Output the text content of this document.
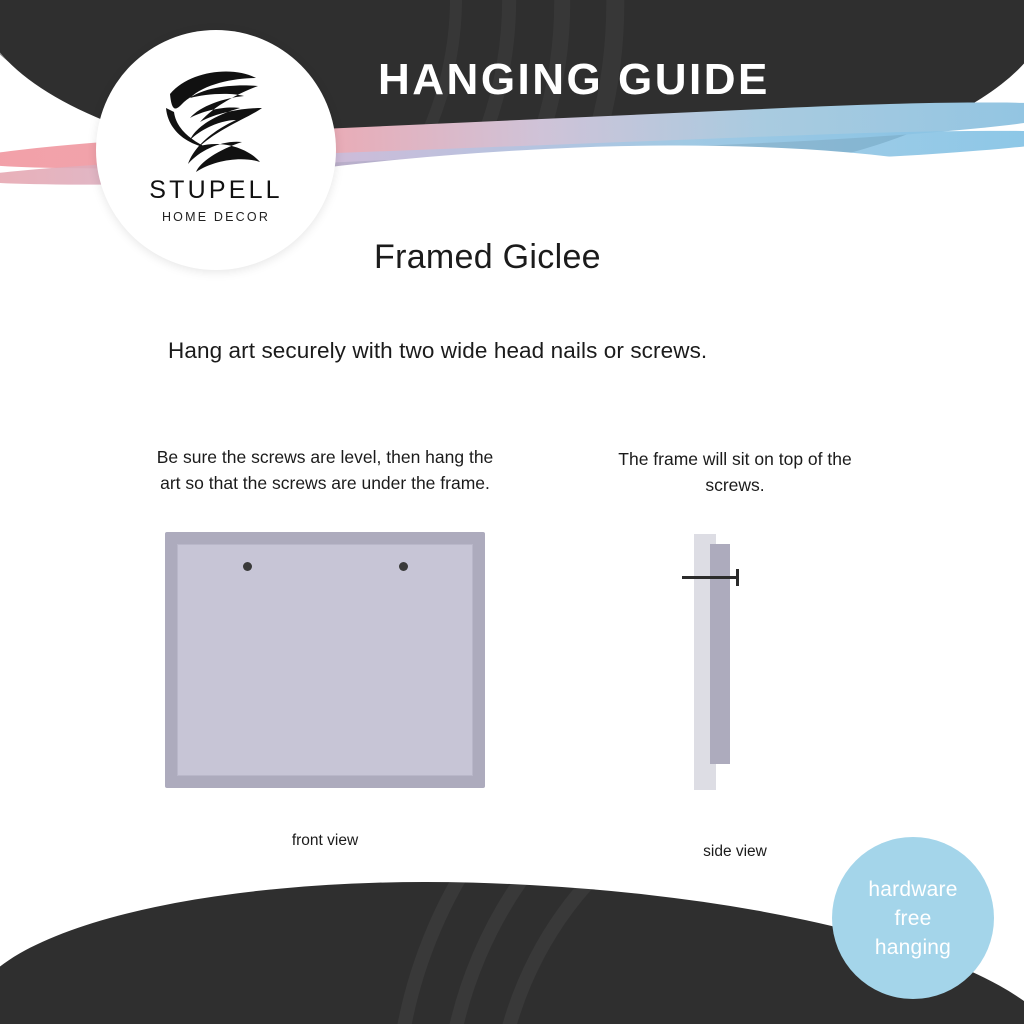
STUPELL
HOME DECOR
HANGING GUIDE
Framed Giclee
Hang art securely with two wide head nails or screws.
Be sure the screws are level, then hang the art so that the screws are under the frame.
front view
The frame will sit on top of the screws.
side view
hardware
free
hanging
